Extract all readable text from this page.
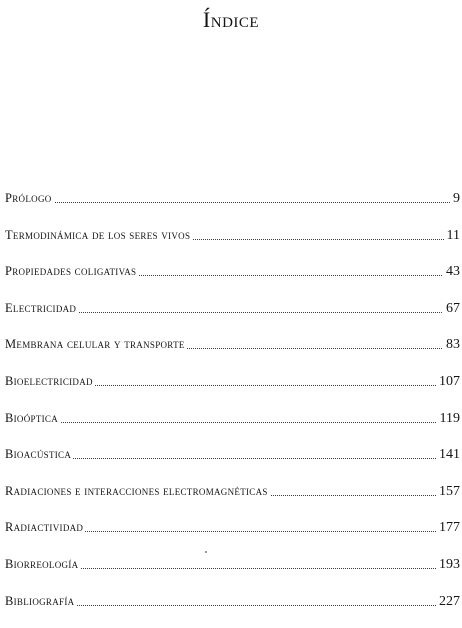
Índice
Prólogo	9
Termodinámica de los seres vivos	11
Propiedades coligativas	43
Electricidad	67
Membrana celular y transporte	83
Bioelectricidad	107
Bioóptica	119
Bioacústica	141
Radiaciones e interacciones electromagnéticas	157
Radiactividad	177
Biorreología	193
Bibliografía	227
